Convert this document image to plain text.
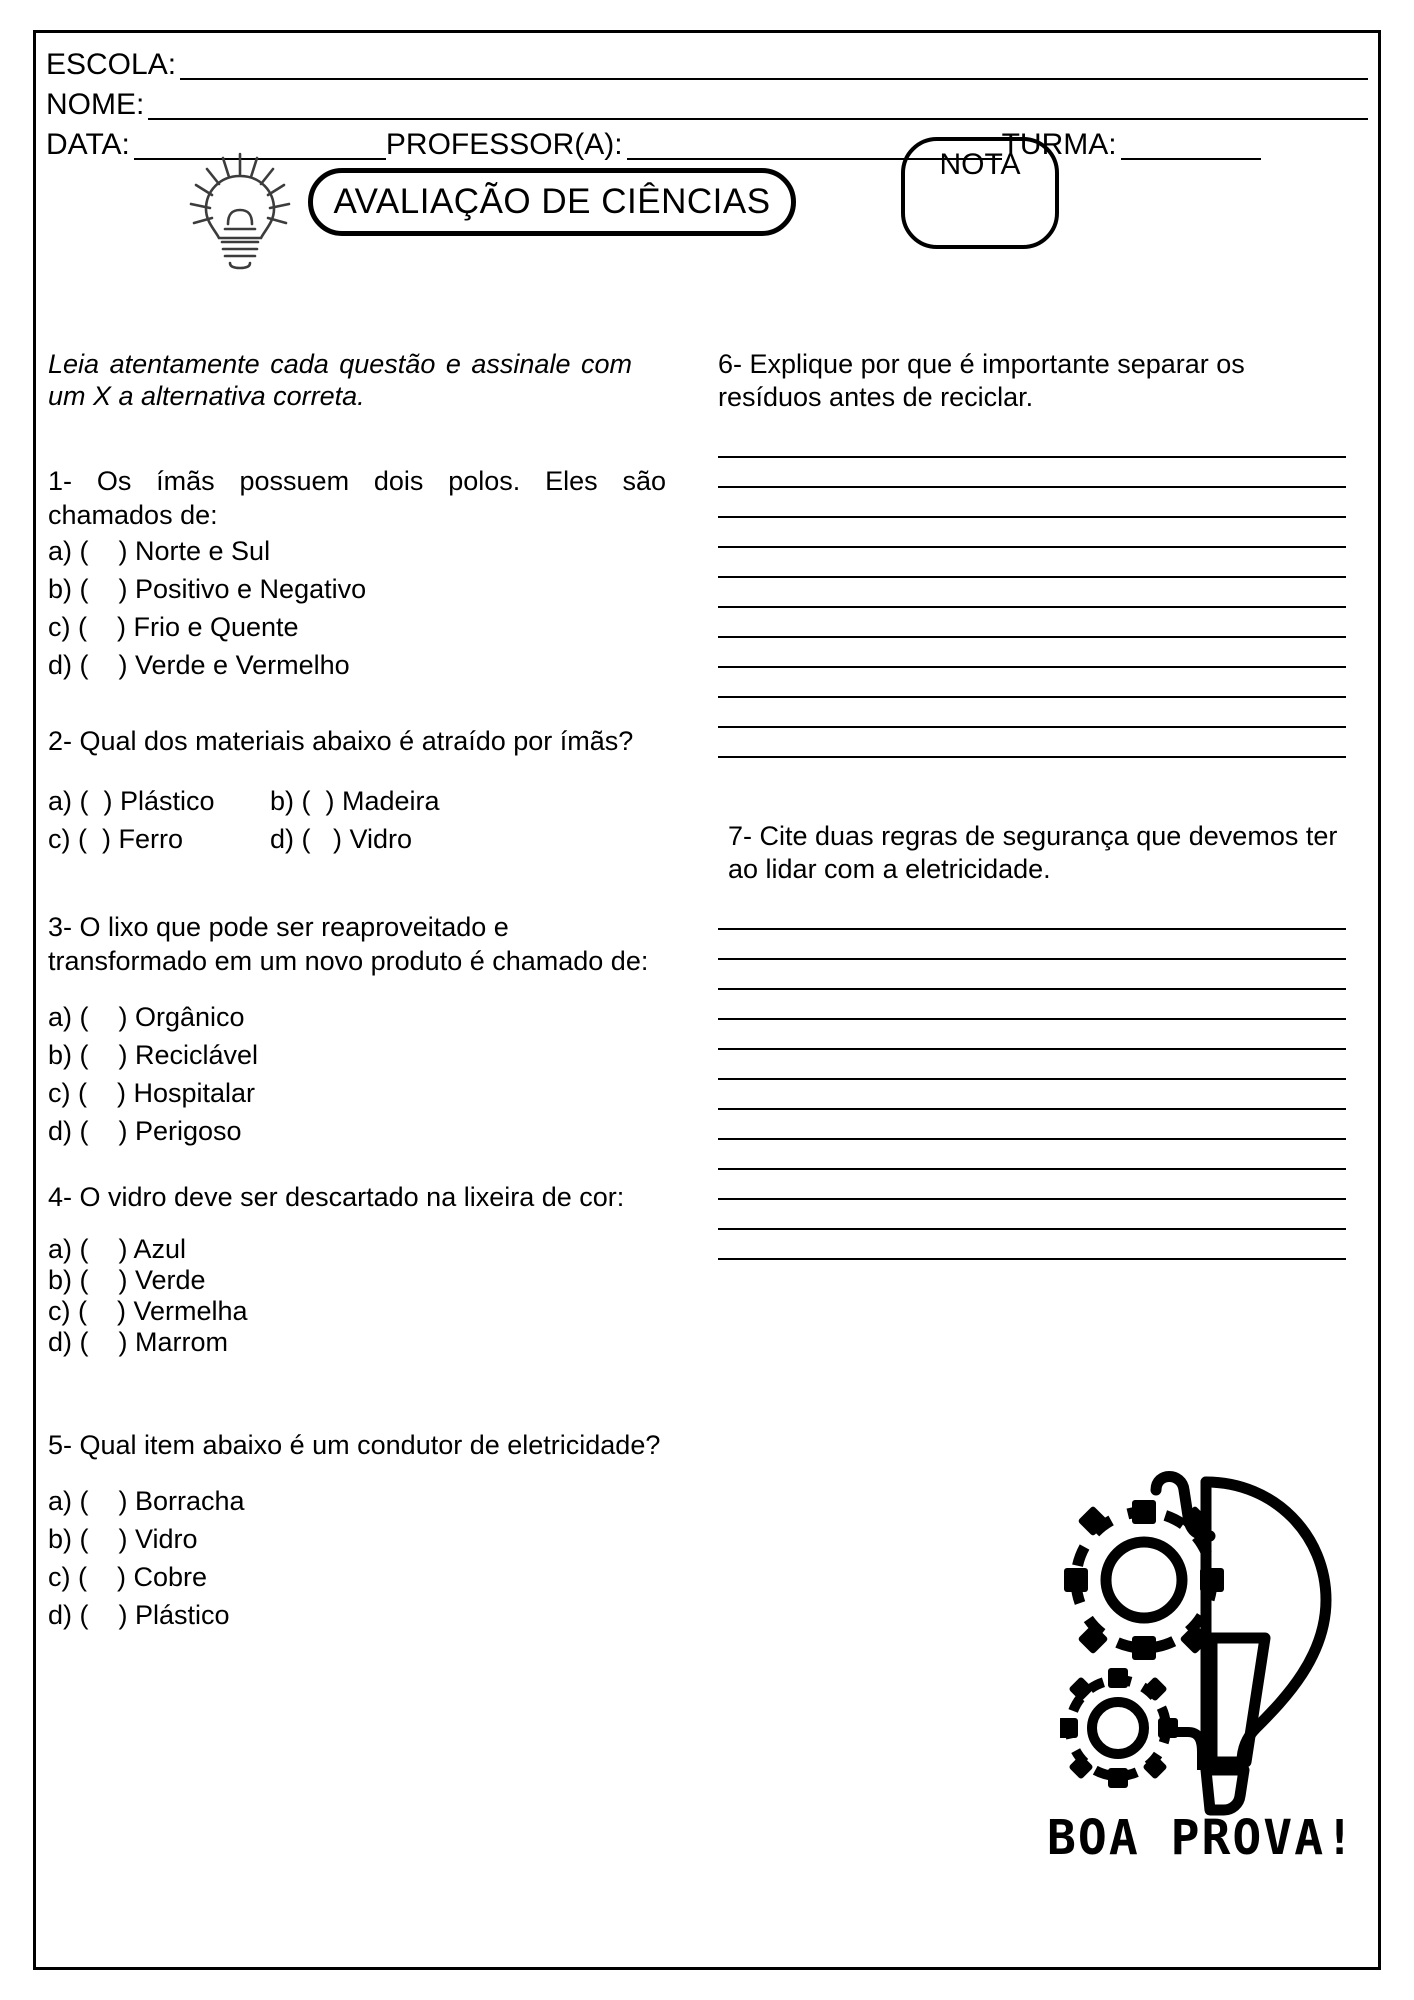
ESCOLA:
NOME:
DATA:	PROFESSOR(A):	TURMA:
AVALIAÇÃO DE CIÊNCIAS
NOTA

Leia atentamente cada questão e assinale com um X a alternativa correta.

1- Os ímãs possuem dois polos. Eles são chamados de:

a) (    ) Norte e Sul
b) (    ) Positivo e Negativo
c) (    ) Frio e Quente
d) (    ) Verde e Vermelho

2- Qual dos materiais abaixo é atraído por ímãs?

a) (  ) Plástico	b) (  ) Madeira
c) (  ) Ferro	d) (   ) Vidro

3- O lixo que pode ser reaproveitado e transformado em um novo produto é chamado de:

a) (    ) Orgânico
b) (    ) Reciclável
c) (    ) Hospitalar
d) (    ) Perigoso

4- O vidro deve ser descartado na lixeira de cor:

a) (    ) Azul
b) (    ) Verde
c) (    ) Vermelha
d) (    ) Marrom

5- Qual item abaixo é um condutor de eletricidade?

a) (    ) Borracha
b) (    ) Vidro
c) (    ) Cobre
d) (    ) Plástico

6- Explique por que é importante separar os resíduos antes de reciclar.

7- Cite duas regras de segurança que devemos ter ao lidar com a eletricidade.

BOA PROVA!
